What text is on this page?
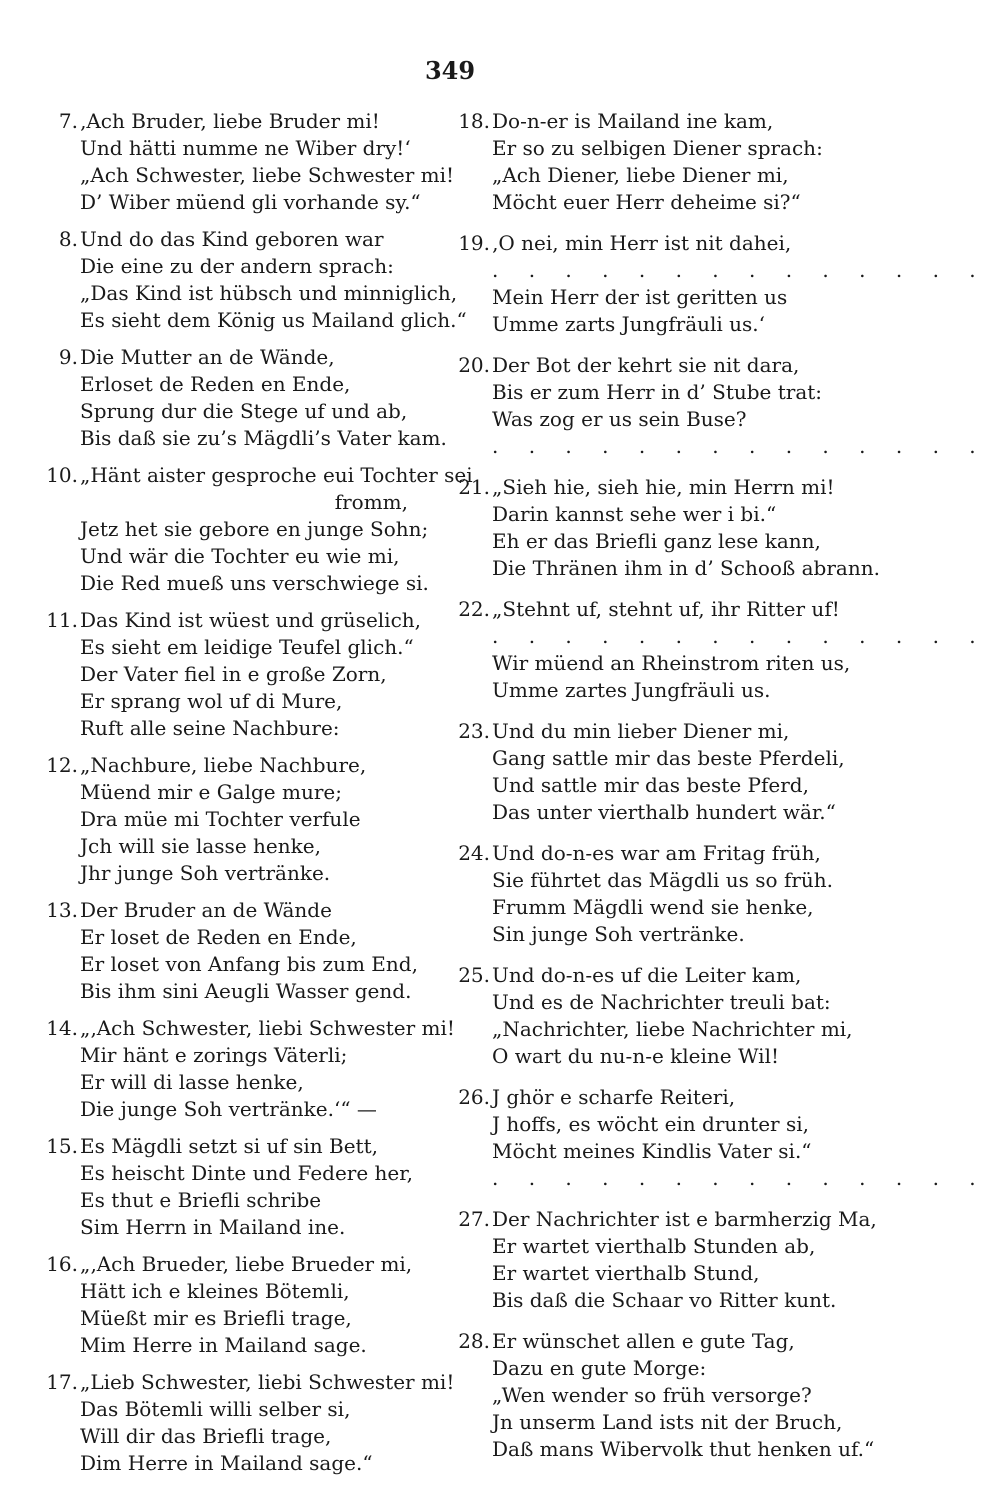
349
7. ‚Ach Bruder, liebe Bruder mi!
Und hätti numme ne Wiber dry!‘
„Ach Schwester, liebe Schwester mi!
D’ Wiber müend gli vorhande sy.“
8. Und do das Kind geboren war
Die eine zu der andern sprach:
„Das Kind ist hübsch und minniglich,
Es sieht dem König us Mailand glich.“
9. Die Mutter an de Wände,
Erloset de Reden en Ende,
Sprung dur die Stege uf und ab,
Bis daß sie zu’s Mägdli’s Vater kam.
10. „Hänt aister gesproche eui Tochter sei
fromm,
Jetz het sie gebore en junge Sohn;
Und wär die Tochter eu wie mi,
Die Red mueß uns verschwiege si.
11. Das Kind ist wüest und grüselich,
Es sieht em leidige Teufel glich.“
Der Vater fiel in e große Zorn,
Er sprang wol uf di Mure,
Ruft alle seine Nachbure:
12. „Nachbure, liebe Nachbure,
Müend mir e Galge mure;
Dra müe mi Tochter verfule
Jch will sie lasse henke,
Jhr junge Soh vertränke.
13. Der Bruder an de Wände
Er loset de Reden en Ende,
Er loset von Anfang bis zum End,
Bis ihm sini Aeugli Wasser gend.
14. „‚Ach Schwester, liebi Schwester mi!
Mir hänt e zorings Väterli;
Er will di lasse henke,
Die junge Soh vertränke.‘“ —
15. Es Mägdli setzt si uf sin Bett,
Es heischt Dinte und Federe her,
Es thut e Briefli schribe
Sim Herrn in Mailand ine.
16. „‚Ach Brueder, liebe Brueder mi,
Hätt ich e kleines Bötemli,
Müeßt mir es Briefli trage,
Mim Herre in Mailand sage.
17. „Lieb Schwester, liebi Schwester mi!
Das Bötemli willi selber si,
Will dir das Briefli trage,
Dim Herre in Mailand sage.“
18. Do-n-er is Mailand ine kam,
Er so zu selbigen Diener sprach:
„Ach Diener, liebe Diener mi,
Möcht euer Herr deheime si?“
19. ‚O nei, min Herr ist nit dahei,
. . . . . . . . . . . . . .
Mein Herr der ist geritten us
Umme zarts Jungfräuli us.‘
20. Der Bot der kehrt sie nit dara,
Bis er zum Herr in d’ Stube trat:
Was zog er us sein Buse?
. . . . . . . . . . . . . .
21. „Sieh hie, sieh hie, min Herrn mi!
Darin kannst sehe wer i bi.“
Eh er das Briefli ganz lese kann,
Die Thränen ihm in d’ Schooß abrann.
22. „Stehnt uf, stehnt uf, ihr Ritter uf!
. . . . . . . . . . . . . .
Wir müend an Rheinstrom riten us,
Umme zartes Jungfräuli us.
23. Und du min lieber Diener mi,
Gang sattle mir das beste Pferdeli,
Und sattle mir das beste Pferd,
Das unter vierthalb hundert wär.“
24. Und do-n-es war am Fritag früh,
Sie führtet das Mägdli us so früh.
Frumm Mägdli wend sie henke,
Sin junge Soh vertränke.
25. Und do-n-es uf die Leiter kam,
Und es de Nachrichter treuli bat:
„Nachrichter, liebe Nachrichter mi,
O wart du nu-n-e kleine Wil!
26. J ghör e scharfe Reiteri,
J hoffs, es wöcht ein drunter si,
Möcht meines Kindlis Vater si.“
. . . . . . . . . . . . . .
27. Der Nachrichter ist e barmherzig Ma,
Er wartet vierthalb Stunden ab,
Er wartet vierthalb Stund,
Bis daß die Schaar vo Ritter kunt.
28. Er wünschet allen e gute Tag,
Dazu en gute Morge:
„Wen wender so früh versorge?
Jn unserm Land ists nit der Bruch,
Daß mans Wibervolk thut henken uf.“
